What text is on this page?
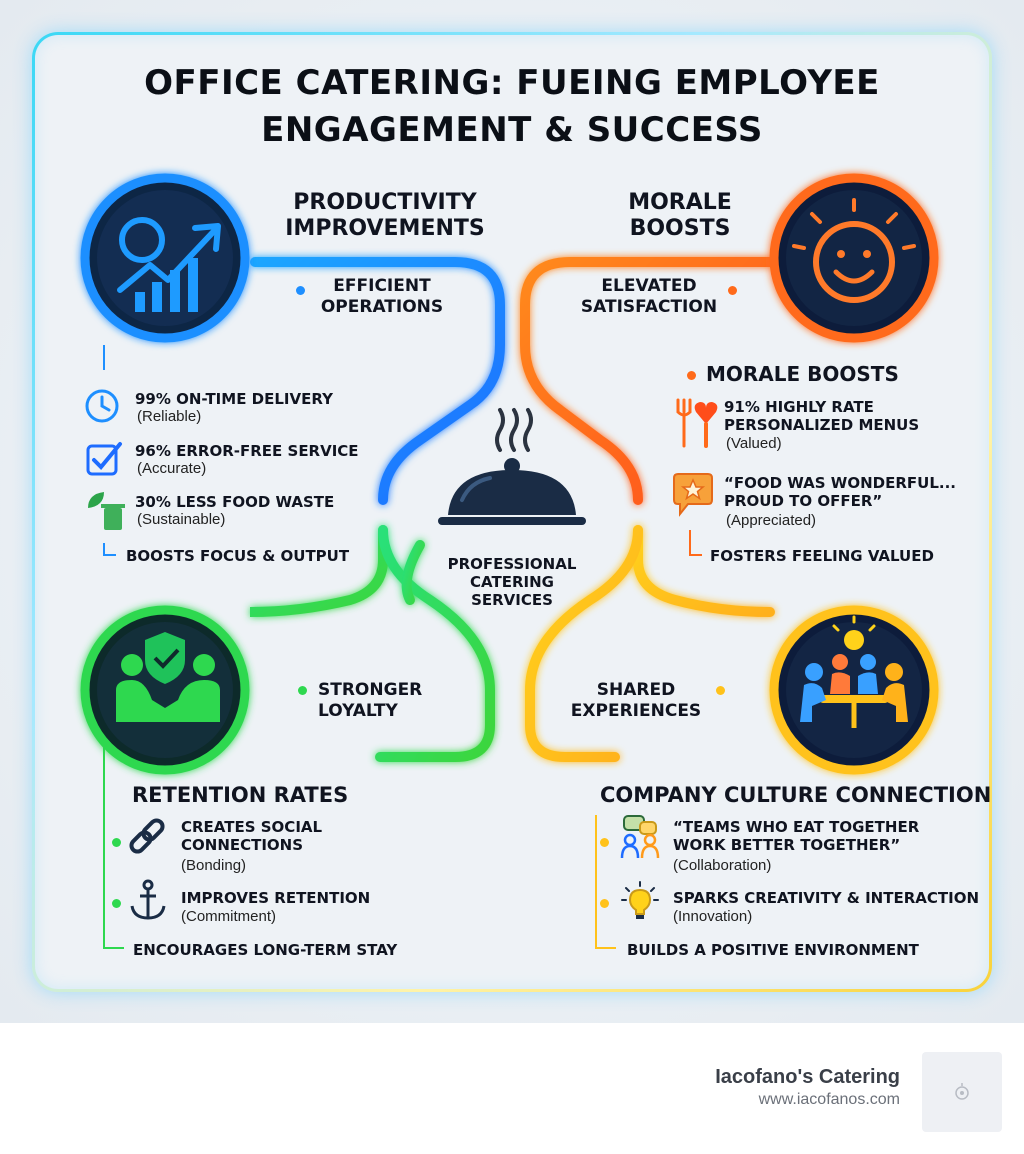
OFFICE CATERING: FUEING EMPLOYEE ENGAGEMENT & SUCCESS

PRODUCTIVITY IMPROVEMENTS

EFFICIENT OPERATIONS

99% ON-TIME DELIVERY

(Reliable)

96% ERROR-FREE SERVICE

(Accurate)

30% LESS FOOD WASTE

(Sustainable)

BOOSTS FOCUS & OUTPUT

MORALE BOOSTS

ELEVATED SATISFACTION

MORALE BOOSTS

91% HIGHLY RATE PERSONALIZED MENUS

(Valued)

“FOOD WAS WONDERFUL... PROUD TO OFFER”

(Appreciated)

FOSTERS FEELING VALUED

PROFESSIONAL CATERING SERVICES

STRONGER LOYALTY

RETENTION RATES

CREATES SOCIAL CONNECTIONS

(Bonding)

IMPROVES RETENTION

(Commitment)

ENCOURAGES LONG-TERM STAY

SHARED EXPERIENCES

COMPANY CULTURE CONNECTION

“TEAMS WHO EAT TOGETHER WORK BETTER TOGETHER”

(Collaboration)

SPARKS CREATIVITY & INTERACTION

(Innovation)

BUILDS A POSITIVE ENVIRONMENT

Iacofano's Catering

www.iacofanos.com
